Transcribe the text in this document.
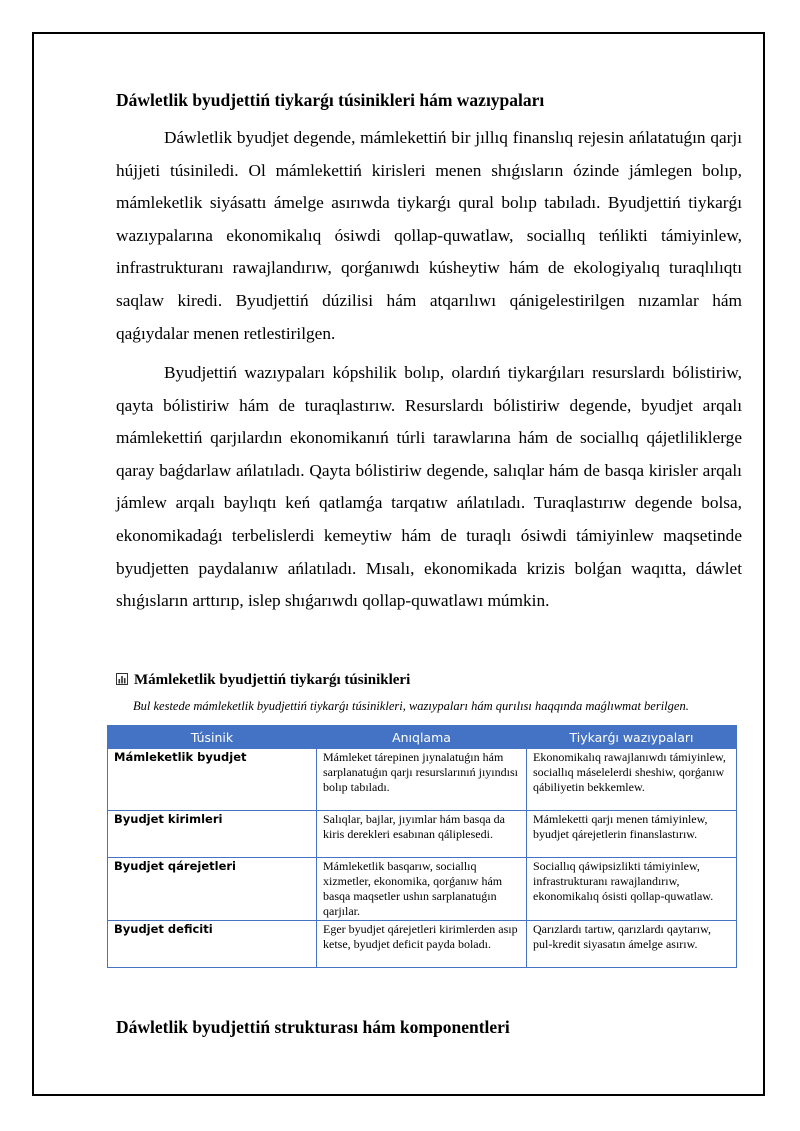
Dáwletlik byudjettiń tiykarǵı túsinikleri hám wazıypaları

Dáwletlik byudjet degende, mámlekettiń bir jıllıq finanslıq rejesin ańlatatuǵın qarjı hújjeti túsiniledi. Ol mámlekettiń kirisleri menen shıǵısların ózinde jámlegen bolıp, mámleketlik siyásattı ámelge asırıwda tiykarǵı qural bolıp tabıladı. Byudjettiń tiykarǵı wazıypalarına ekonomikalıq ósiwdi qollap-quwatlaw, sociallıq teńlikti támiyinlew, infrastrukturanı rawajlandırıw, qorǵanıwdı kúsheytiw hám de ekologiyalıq turaqlılıqtı saqlaw kiredi. Byudjettiń dúzilisi hám atqarılıwı qánigelestirilgen nızamlar hám qaǵıydalar menen retlestirilgen.

Byudjettiń wazıypaları kópshilik bolıp, olardıń tiykarǵıları resurslardı bólistiriw, qayta bólistiriw hám de turaqlastırıw. Resurslardı bólistiriw degende, byudjet arqalı mámlekettiń qarjılardın ekonomikanıń túrli tarawlarına hám de sociallıq qájetliliklerge qaray baǵdarlaw ańlatıladı. Qayta bólistiriw degende, salıqlar hám de basqa kirisler arqalı jámlew arqalı baylıqtı keń qatlamǵa tarqatıw ańlatıladı. Turaqlastırıw degende bolsa, ekonomikadaǵı terbelislerdi kemeytiw hám de turaqlı ósiwdi támiyinlew maqsetinde byudjetten paydalanıw ańlatıladı. Mısalı, ekonomikada krizis bolǵan waqıtta, dáwlet shıǵısların arttırıp, islep shıǵarıwdı qollap-quwatlawı múmkin.

Mámleketlik byudjettiń tiykarǵı túsinikleri
Bul kestede mámleketlik byudjettiń tiykarǵı túsinikleri, wazıypaları hám qurılısı haqqında maǵlıwmat berilgen.
Túsinik	Anıqlama	Tiykarǵı wazıypaları
Mámleketlik byudjet	Mámleket tárepinen jıynalatuǵın hám sarplanatuǵın qarjı resurslarınıń jıyındısı bolıp tabıladı.	Ekonomikalıq rawajlanıwdı támiyinlew, sociallıq máselelerdi sheshiw, qorǵanıw qábiliyetin bekkemlew.
Byudjet kirimleri	Salıqlar, bajlar, jıyımlar hám basqa da kiris derekleri esabınan qáliplesedi.	Mámleketti qarjı menen támiyinlew, byudjet qárejetlerin finanslastırıw.
Byudjet qárejetleri	Mámleketlik basqarıw, sociallıq xizmetler, ekonomika, qorǵanıw hám basqa maqsetler ushın sarplanatuǵın qarjılar.	Sociallıq qáwipsizlikti támiyinlew, infrastrukturanı rawajlandırıw, ekonomikalıq ósisti qollap-quwatlaw.
Byudjet deficiti	Eger byudjet qárejetleri kirimlerden asıp ketse, byudjet deficit payda boladı.	Qarızlardı tartıw, qarızlardı qaytarıw, pul-kredit siyasatın ámelge asırıw.
Dáwletlik byudjettiń strukturası hám komponentleri
